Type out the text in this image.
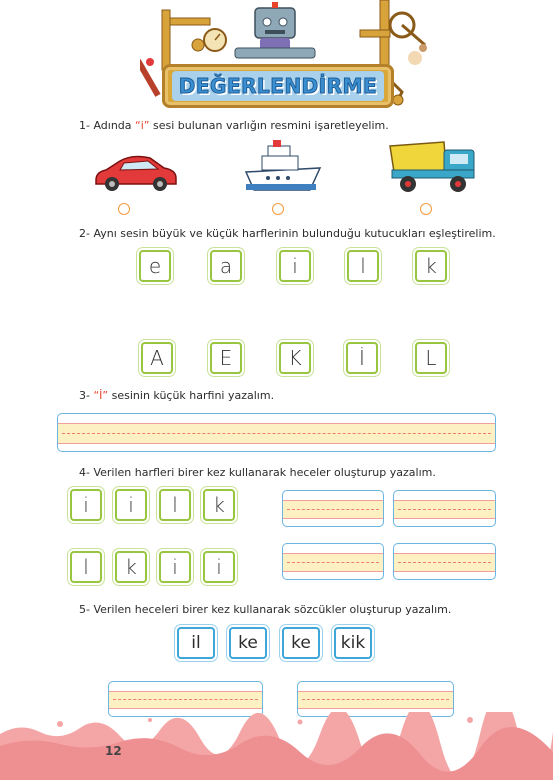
DEĞERLENDİRME
1- Adında “i” sesi bulunan varlığın resmini işaretleyelim.
2- Aynı sesin büyük ve küçük harflerinin bulunduğu kutucukları eşleştirelim.
e	a	i	l	k
A	E	K	İ	L
3- “İ” sesinin küçük harfini yazalım.
4- Verilen harfleri birer kez kullanarak heceler oluşturup yazalım.
i i l k
l k i i
5- Verilen heceleri birer kez kullanarak sözcükler oluşturup yazalım.
il ke ke kik
12
